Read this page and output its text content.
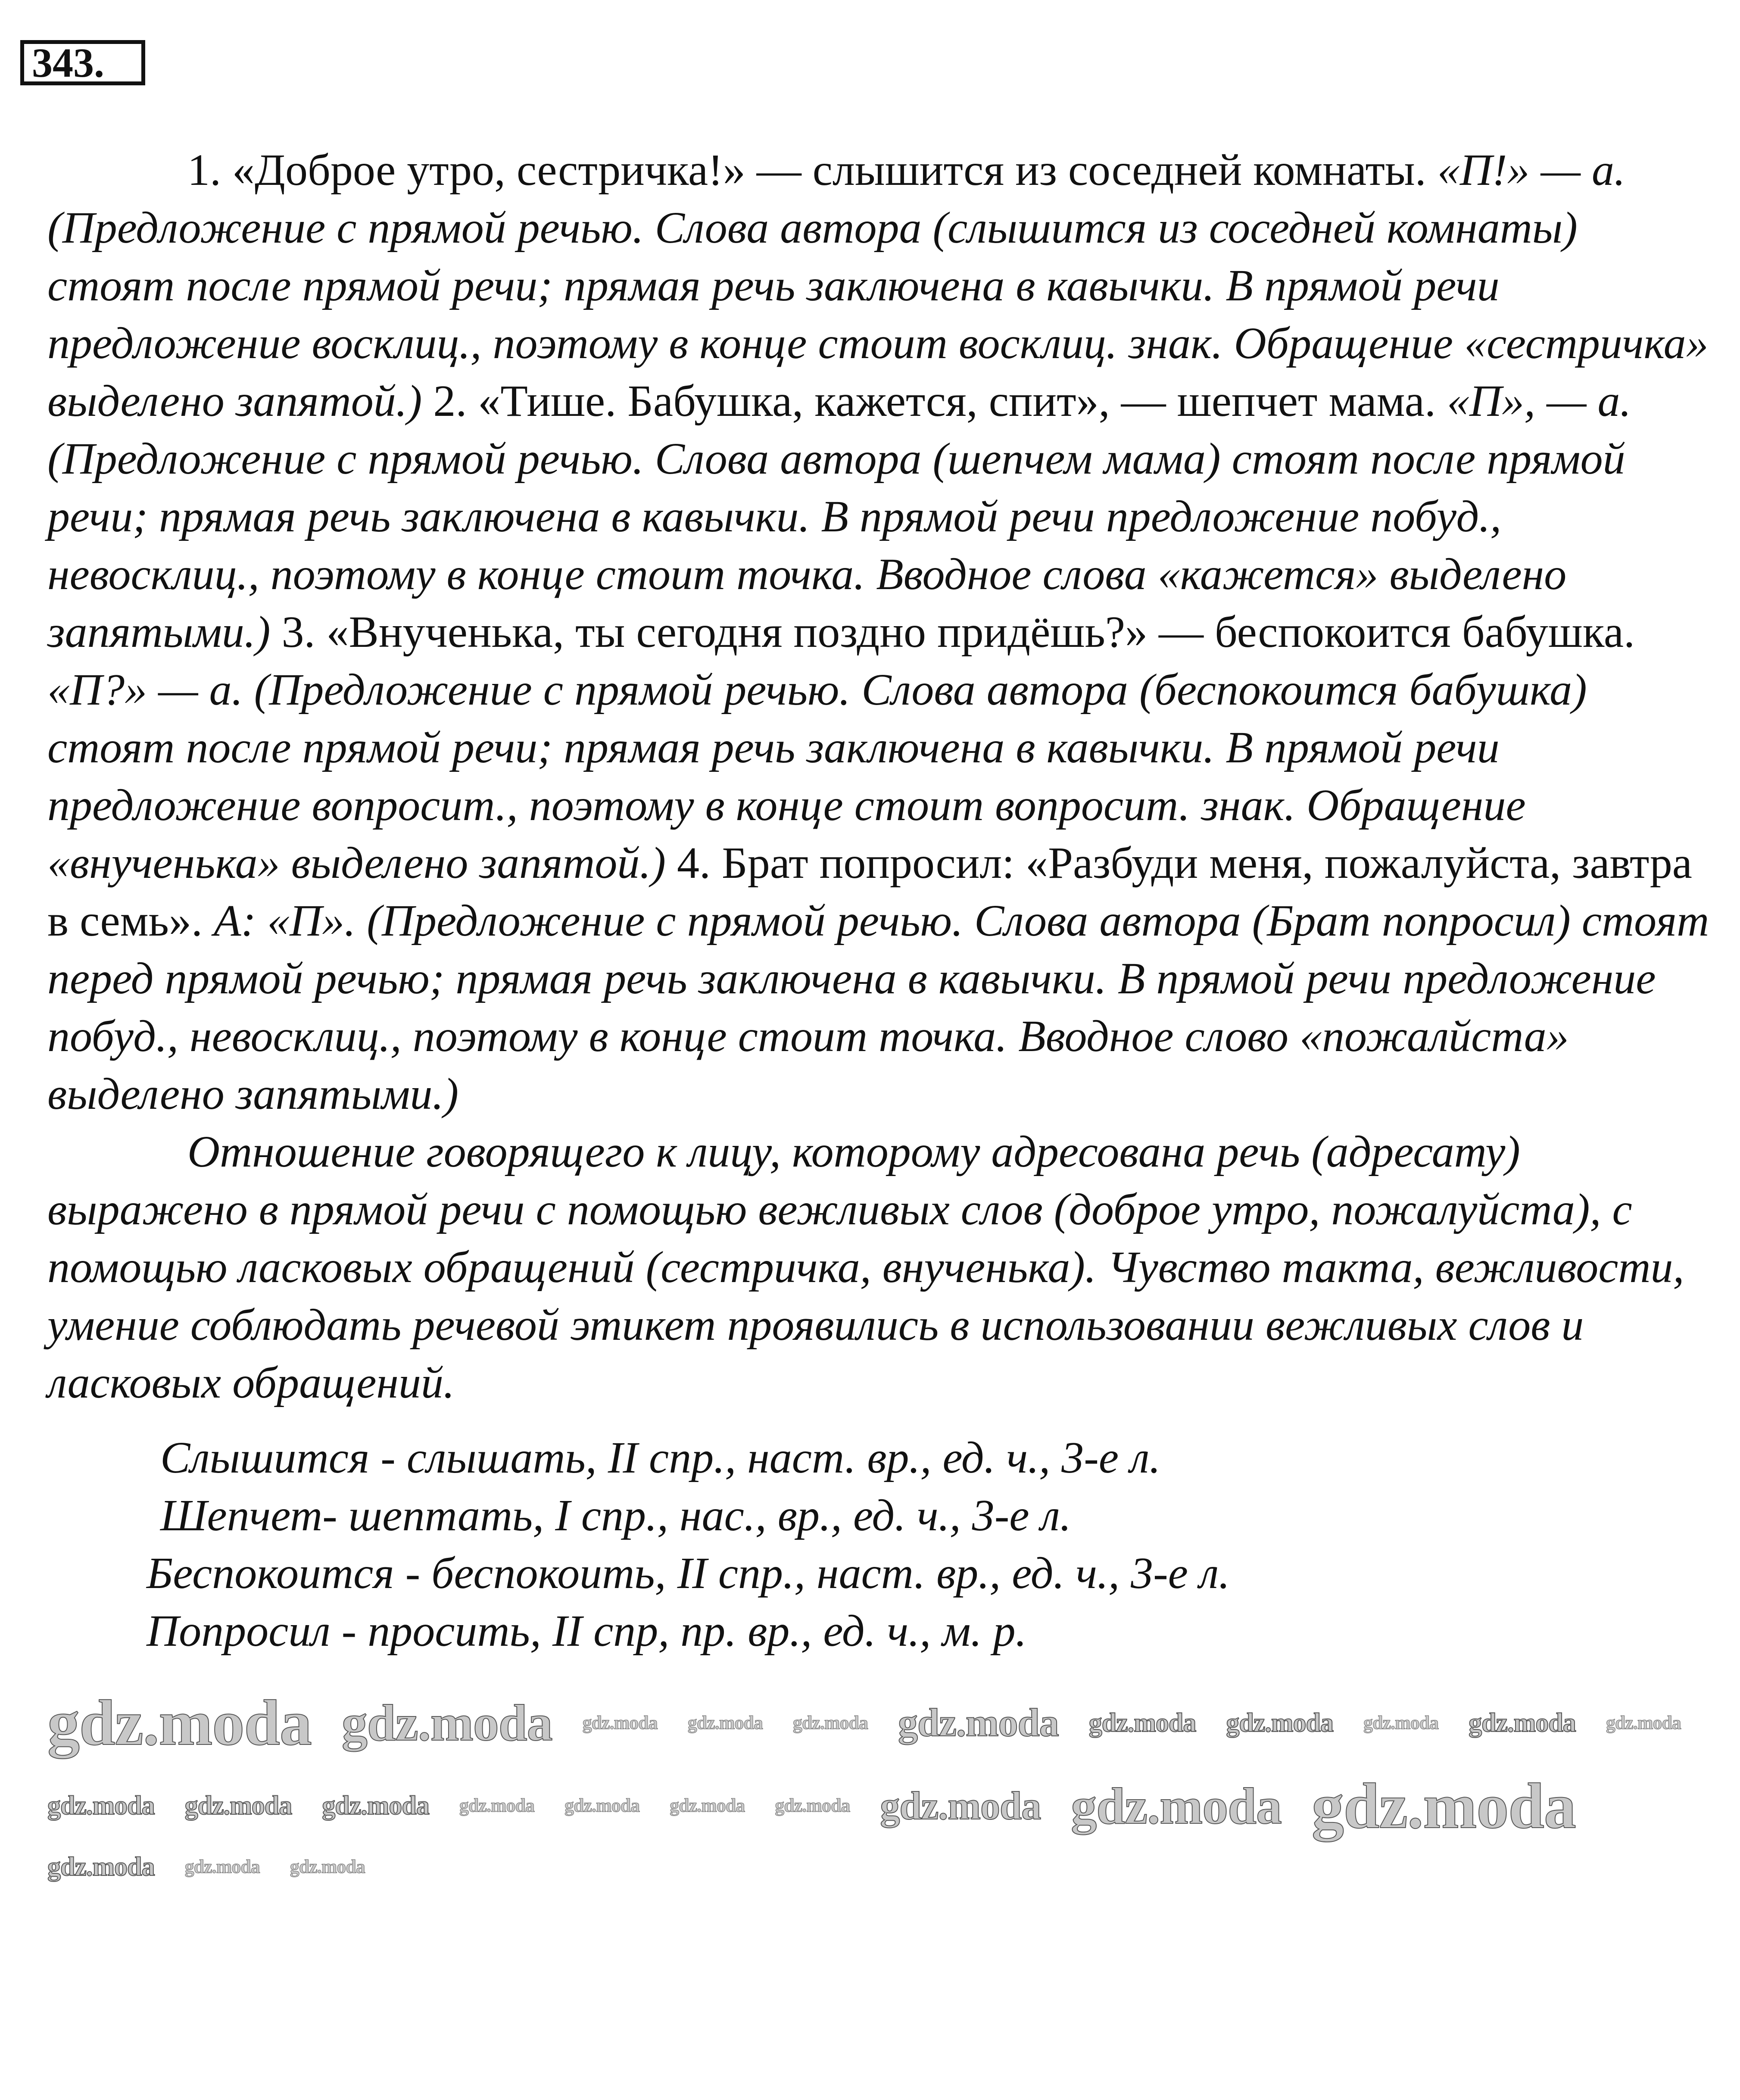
343.
1. «Доброе утро, сестричка!» — слышится из соседней комнаты. «П!» — а. (Предложение с прямой речью. Слова автора (слышится из соседней комнаты) стоят после прямой речи; прямая речь заключена в кавычки. В прямой речи предложение восклиц., поэтому в конце стоит восклиц. знак. Обращение «сестричка» выделено запятой.) 2. «Тише. Бабушка, кажется, спит», — шепчет мама. «П», — а. (Предложение с прямой речью. Слова автора (шепчем мама) стоят после прямой речи; прямая речь заключена в кавычки. В прямой речи предложение побуд., невосклиц., поэтому в конце стоит точка. Вводное слова «кажется» выделено запятыми.) 3. «Внученька, ты сегодня поздно придёшь?» — беспокоится бабушка. «П?» — а. (Предложение с прямой речью. Слова автора (беспокоится бабушка) стоят после прямой речи; прямая речь заключена в кавычки. В прямой речи предложение вопросит., поэтому в конце стоит вопросит. знак. Обращение «внученька» выделено запятой.) 4. Брат попросил: «Разбуди меня, пожалуйста, завтра в семь». А: «П». (Предложение с прямой речью. Слова автора (Брат попросил) стоят перед прямой речью; прямая речь заключена в кавычки. В прямой речи предложение побуд., невосклиц., поэтому в конце стоит точка. Вводное слово «пожалйста» выделено запятыми.)
Отношение говорящего к лицу, которому адресована речь (адресату) выражено в прямой речи с помощью вежливых слов (доброе утро, пожалуйста), с помощью ласковых обращений (сестричка, внученька). Чувство такта, вежливости, умение соблюдать речевой этикет проявились в использовании вежливых слов и ласковых обращений.
Слышится - слышать, II спр., наст. вр., ед. ч., 3-е л.
Шепчет- шептать, I спр., нас., вр., ед. ч., 3-е л.
Беспокоится - беспокоить, II спр., наст. вр., ед. ч., 3-е л.
Попросил - просить, II спр, пр. вр., ед. ч., м. р.
gdz.moda gdz.moda gdz.moda gdz.moda gdz.moda gdz.moda gdz.moda gdz.moda gdz.moda gdz.moda gdz.moda
gdz.moda gdz.moda gdz.moda gdz.moda gdz.moda gdz.moda gdz.moda gdz.moda gdz.moda gdz.moda
gdz.moda gdz.moda gdz.moda
